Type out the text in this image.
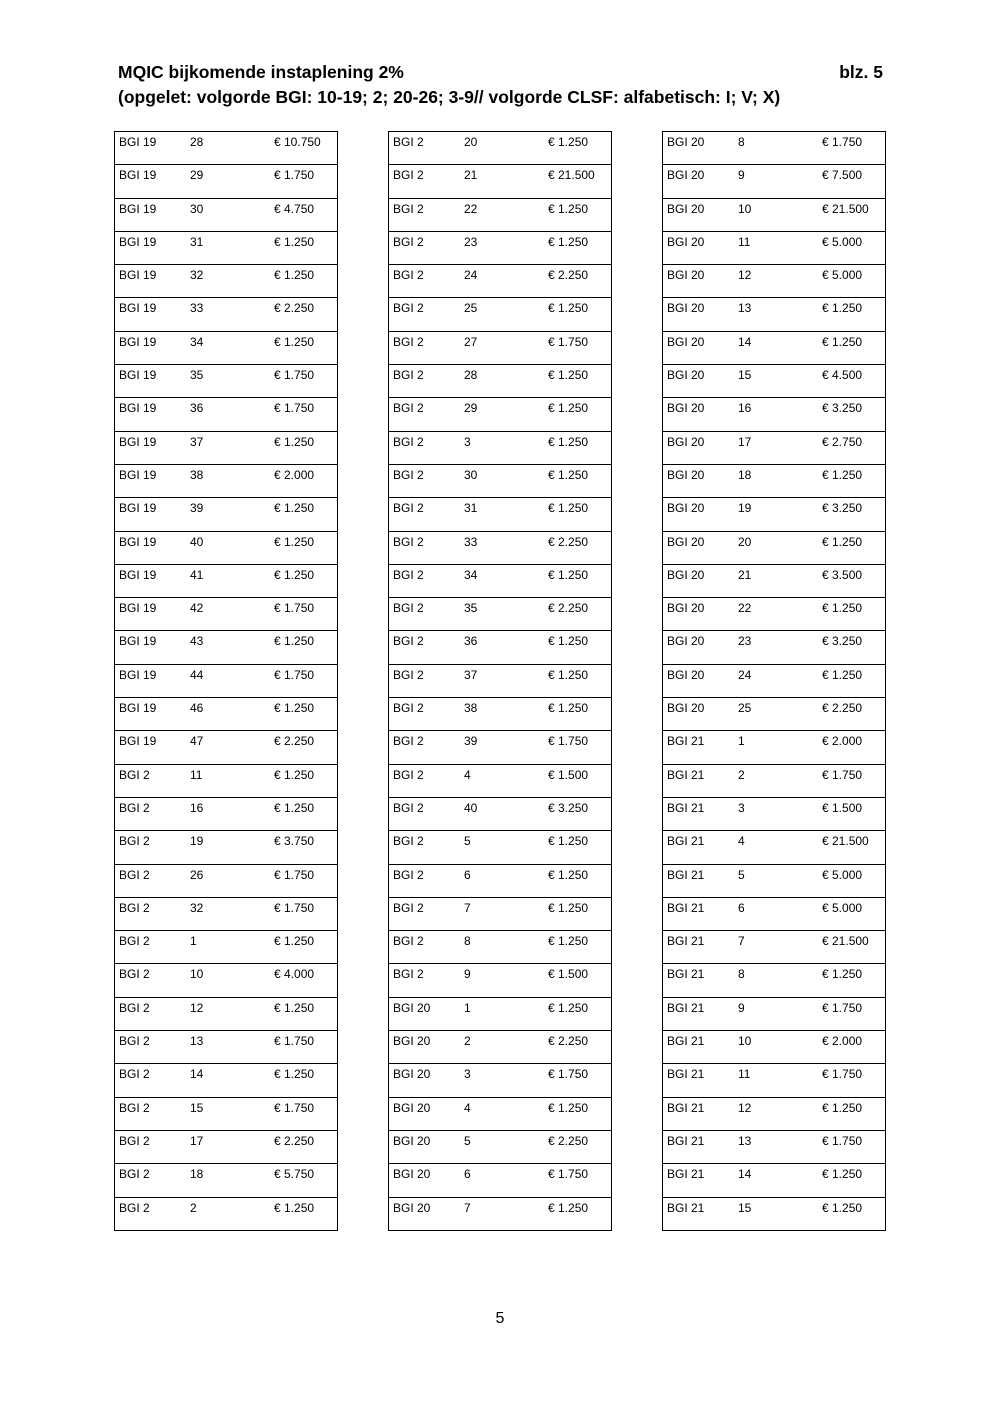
MQIC bijkomende instaplening 2%	blz. 5
(opgelet: volgorde BGI: 10-19; 2; 20-26; 3-9// volgorde CLSF: alfabetisch: I; V; X)
BGI 19	28	€ 10.750
BGI 19	29	€ 1.750
BGI 19	30	€ 4.750
BGI 19	31	€ 1.250
BGI 19	32	€ 1.250
BGI 19	33	€ 2.250
BGI 19	34	€ 1.250
BGI 19	35	€ 1.750
BGI 19	36	€ 1.750
BGI 19	37	€ 1.250
BGI 19	38	€ 2.000
BGI 19	39	€ 1.250
BGI 19	40	€ 1.250
BGI 19	41	€ 1.250
BGI 19	42	€ 1.750
BGI 19	43	€ 1.250
BGI 19	44	€ 1.750
BGI 19	46	€ 1.250
BGI 19	47	€ 2.250
BGI 2	11	€ 1.250
BGI 2	16	€ 1.250
BGI 2	19	€ 3.750
BGI 2	26	€ 1.750
BGI 2	32	€ 1.750
BGI 2	1	€ 1.250
BGI 2	10	€ 4.000
BGI 2	12	€ 1.250
BGI 2	13	€ 1.750
BGI 2	14	€ 1.250
BGI 2	15	€ 1.750
BGI 2	17	€ 2.250
BGI 2	18	€ 5.750
BGI 2	2	€ 1.250
BGI 2	20	€ 1.250
BGI 2	21	€ 21.500
BGI 2	22	€ 1.250
BGI 2	23	€ 1.250
BGI 2	24	€ 2.250
BGI 2	25	€ 1.250
BGI 2	27	€ 1.750
BGI 2	28	€ 1.250
BGI 2	29	€ 1.250
BGI 2	3	€ 1.250
BGI 2	30	€ 1.250
BGI 2	31	€ 1.250
BGI 2	33	€ 2.250
BGI 2	34	€ 1.250
BGI 2	35	€ 2.250
BGI 2	36	€ 1.250
BGI 2	37	€ 1.250
BGI 2	38	€ 1.250
BGI 2	39	€ 1.750
BGI 2	4	€ 1.500
BGI 2	40	€ 3.250
BGI 2	5	€ 1.250
BGI 2	6	€ 1.250
BGI 2	7	€ 1.250
BGI 2	8	€ 1.250
BGI 2	9	€ 1.500
BGI 20	1	€ 1.250
BGI 20	2	€ 2.250
BGI 20	3	€ 1.750
BGI 20	4	€ 1.250
BGI 20	5	€ 2.250
BGI 20	6	€ 1.750
BGI 20	7	€ 1.250
BGI 20	8	€ 1.750
BGI 20	9	€ 7.500
BGI 20	10	€ 21.500
BGI 20	11	€ 5.000
BGI 20	12	€ 5.000
BGI 20	13	€ 1.250
BGI 20	14	€ 1.250
BGI 20	15	€ 4.500
BGI 20	16	€ 3.250
BGI 20	17	€ 2.750
BGI 20	18	€ 1.250
BGI 20	19	€ 3.250
BGI 20	20	€ 1.250
BGI 20	21	€ 3.500
BGI 20	22	€ 1.250
BGI 20	23	€ 3.250
BGI 20	24	€ 1.250
BGI 20	25	€ 2.250
BGI 21	1	€ 2.000
BGI 21	2	€ 1.750
BGI 21	3	€ 1.500
BGI 21	4	€ 21.500
BGI 21	5	€ 5.000
BGI 21	6	€ 5.000
BGI 21	7	€ 21.500
BGI 21	8	€ 1.250
BGI 21	9	€ 1.750
BGI 21	10	€ 2.000
BGI 21	11	€ 1.750
BGI 21	12	€ 1.250
BGI 21	13	€ 1.750
BGI 21	14	€ 1.250
BGI 21	15	€ 1.250
5
